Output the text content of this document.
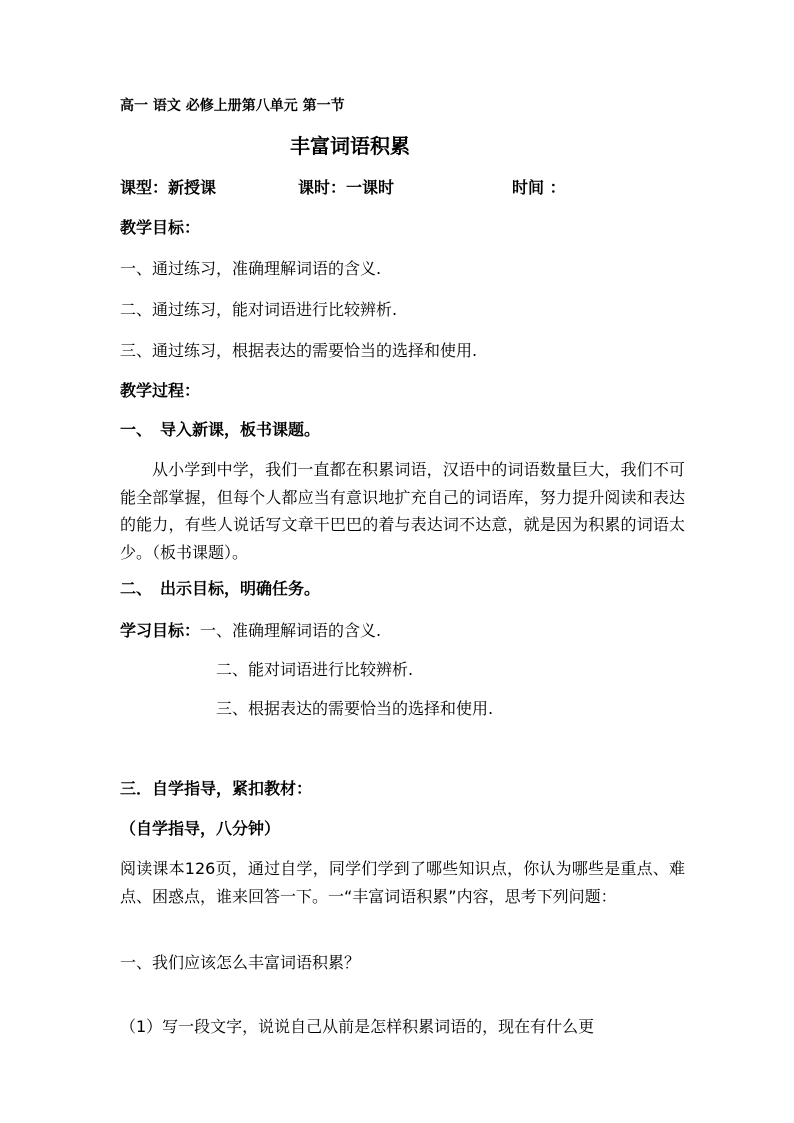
高一 语文 必修上册第八单元 第一节
丰富词语积累
课型：新授课	课时：一课时	时间 ：
教学目标：
一、通过练习，准确理解词语的含义.
二、通过练习，能对词语进行比较辨析.
三、通过练习，根据表达的需要恰当的选择和使用.
教学过程：
一、　导入新课，板书课题。
从小学到中学，我们一直都在积累词语，汉语中的词语数量巨大，我们不可能全部掌握，但每个人都应当有意识地扩充自己的词语库，努力提升阅读和表达的能力，有些人说话写文章干巴巴的着与表达词不达意，就是因为积累的词语太少。（板书课题）。
二、　出示目标，明确任务。
学习目标：一、准确理解词语的含义.
二、能对词语进行比较辨析.
三、根据表达的需要恰当的选择和使用.
三．自学指导，紧扣教材：
（自学指导，八分钟）
阅读课本126页，通过自学，同学们学到了哪些知识点，你认为哪些是重点、难点、困惑点，谁来回答一下。一“丰富词语积累”内容，思考下列问题：
一、我们应该怎么丰富词语积累？
（1）写一段文字，说说自己从前是怎样积累词语的，现在有什么更
